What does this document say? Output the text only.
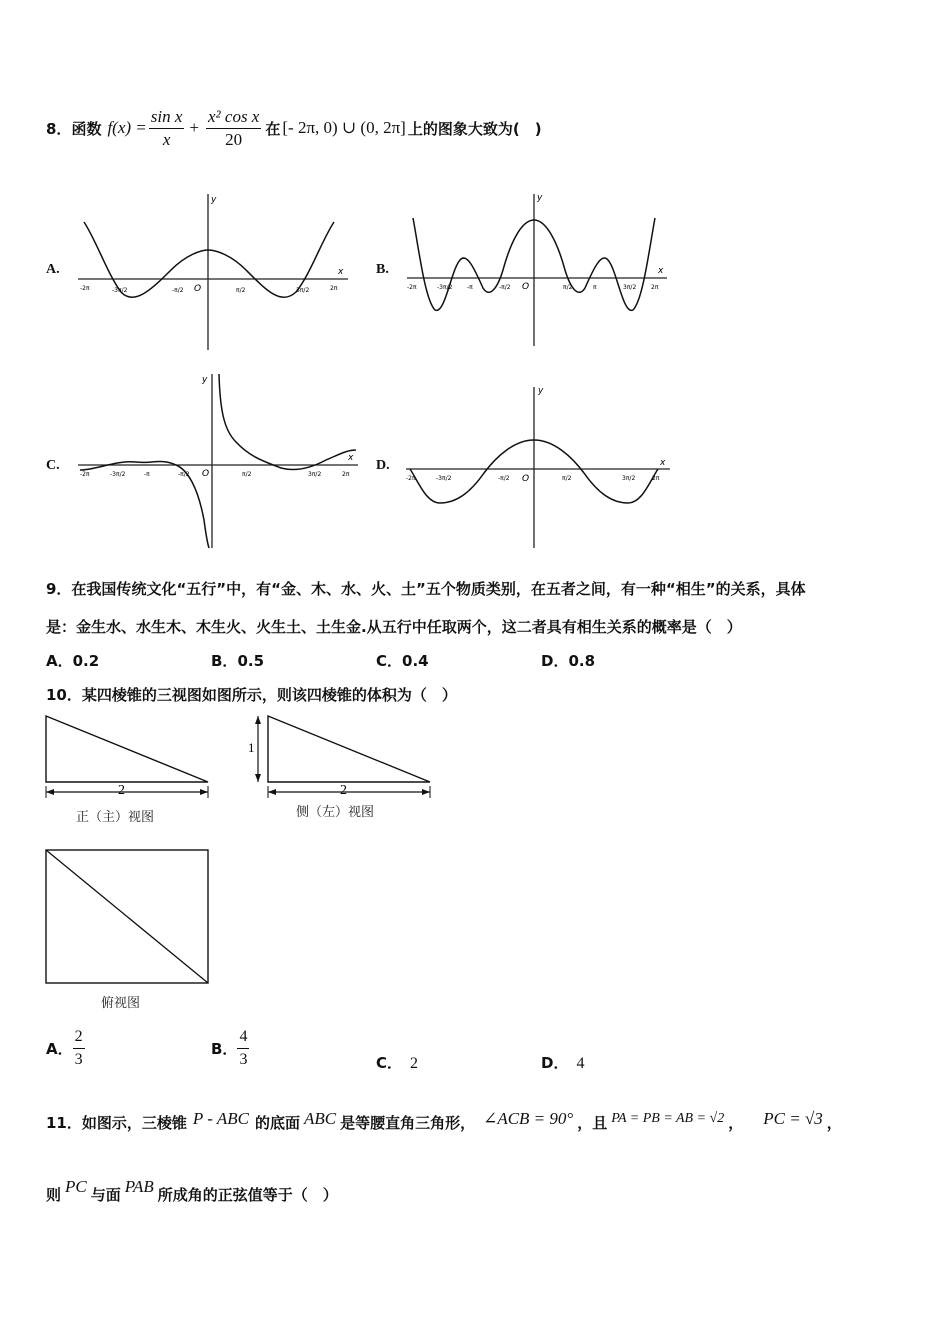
8． 函数 $f(x) = \frac{\text{sin x}}{x} + \frac{\text{x² cos x}}{20}$ 在 [- 2π, 0) ∪ (0, 2π] 上的图象大致为(　)
A.	B.
C.	D.
x
y
O
-2π	-3π/2	-π/2	π/2	3π/2	2π
x
y
O
-2π	-3π/2 -π	-π/2	π/2	π	3π/2 2π
x
y
O
-2π	-3π/2	-π	-π/2	π/2	3π/2	2π
x
y
O
-2π	-3π/2	-π/2	π/2	3π/2	2π
9．在我国传统文化“五行”中，有“金、木、水、火、土”五个物质类别，在五者之间，有一种“相生”的关系，具体
是：金生水、水生木、木生火、火生土、土生金.从五行中任取两个，这二者具有相生关系的概率是（　）
A．0.2	B．0.5	C．0.4	D．0.8
10．某四棱锥的三视图如图所示，则该四棱锥的体积为（　）
2
正（主）视图
1
2
侧（左）视图
俯视图
A． $\frac{2}{3}$	B． $\frac{4}{3}$	C． 2	D． 4
11． 如图示，三棱锥 P - ABC 的底面 ABC 是等腰直角三角形， ∠ACB = 90° ，且 PA = PB = AB = √2 ， PC = √3 ，
则 PC 与面 PAB 所成角的正弦值等于（　）
